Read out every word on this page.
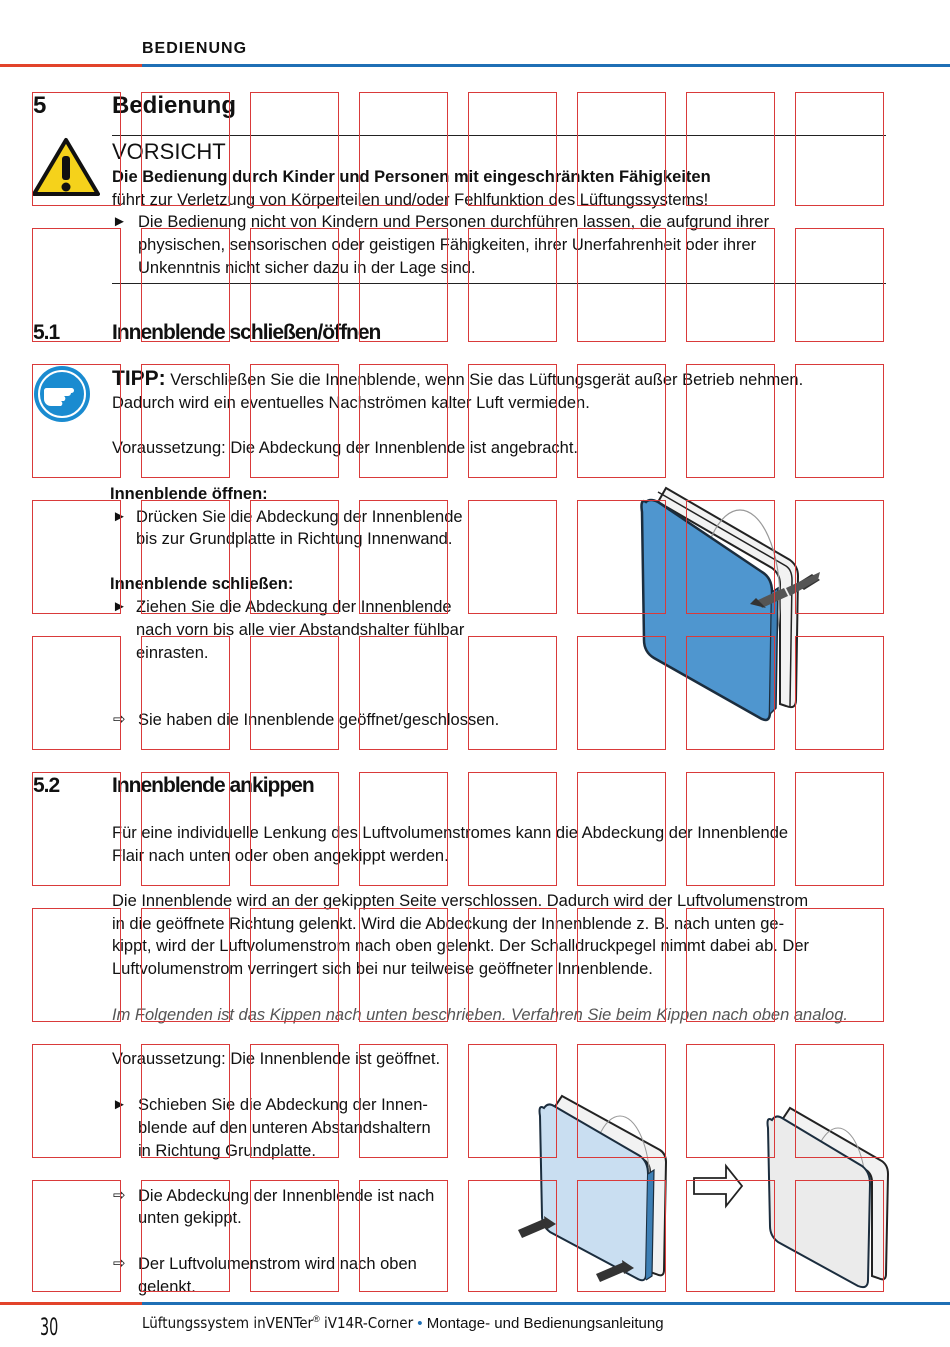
BEDIENUNG
5	Bedienung
VORSICHT
Die Bedienung durch Kinder und Personen mit eingeschränkten Fähigkeiten
führt zur Verletzung von Körperteilen und/oder Fehlfunktion des Lüftungssystems!
► Die Bedienung nicht von Kindern und Personen durchführen lassen, die aufgrund ihrer
physischen, sensorischen oder geistigen Fähigkeiten, ihrer Unerfahrenheit oder ihrer
Unkenntnis nicht sicher dazu in der Lage sind.
5.1	Innenblende schließen/öffnen
TIPP: Verschließen Sie die Innenblende, wenn Sie das Lüftungsgerät außer Betrieb nehmen.
Dadurch wird ein eventuelles Nachströmen kalter Luft vermieden.
Voraussetzung: Die Abdeckung der Innenblende ist angebracht.
Innenblende öffnen:
► Drücken Sie die Abdeckung der Innenblende
bis zur Grundplatte in Richtung Innenwand.
Innenblende schließen:
► Ziehen Sie die Abdeckung der Innenblende
nach vorn bis alle vier Abstandshalter fühlbar
einrasten.
⇨ Sie haben die Innenblende geöffnet/geschlossen.
5.2	Innenblende ankippen
Für eine individuelle Lenkung des Luftvolumenstromes kann die Abdeckung der Innenblende
Flair nach unten oder oben angekippt werden.
Die Innenblende wird an der gekippten Seite verschlossen. Dadurch wird der Luftvolumenstrom
in die geöffnete Richtung gelenkt. Wird die Abdeckung der Innenblende z. B. nach unten ge-
kippt, wird der Luftvolumenstrom nach oben gelenkt. Der Schalldruckpegel nimmt dabei ab. Der
Luftvolumenstrom verringert sich bei nur teilweise geöffneter Innenblende.
Im Folgenden ist das Kippen nach unten beschrieben. Verfahren Sie beim Kippen nach oben analog.
Voraussetzung: Die Innenblende ist geöffnet.
► Schieben Sie die Abdeckung der Innen-
blende auf den unteren Abstandshaltern
in Richtung Grundplatte.
⇨ Die Abdeckung der Innenblende ist nach
unten gekippt.
⇨ Der Luftvolumenstrom wird nach oben
gelenkt.
30	Lüftungssystem inVENTer® iV14R-Corner • Montage- und Bedienungsanleitung
